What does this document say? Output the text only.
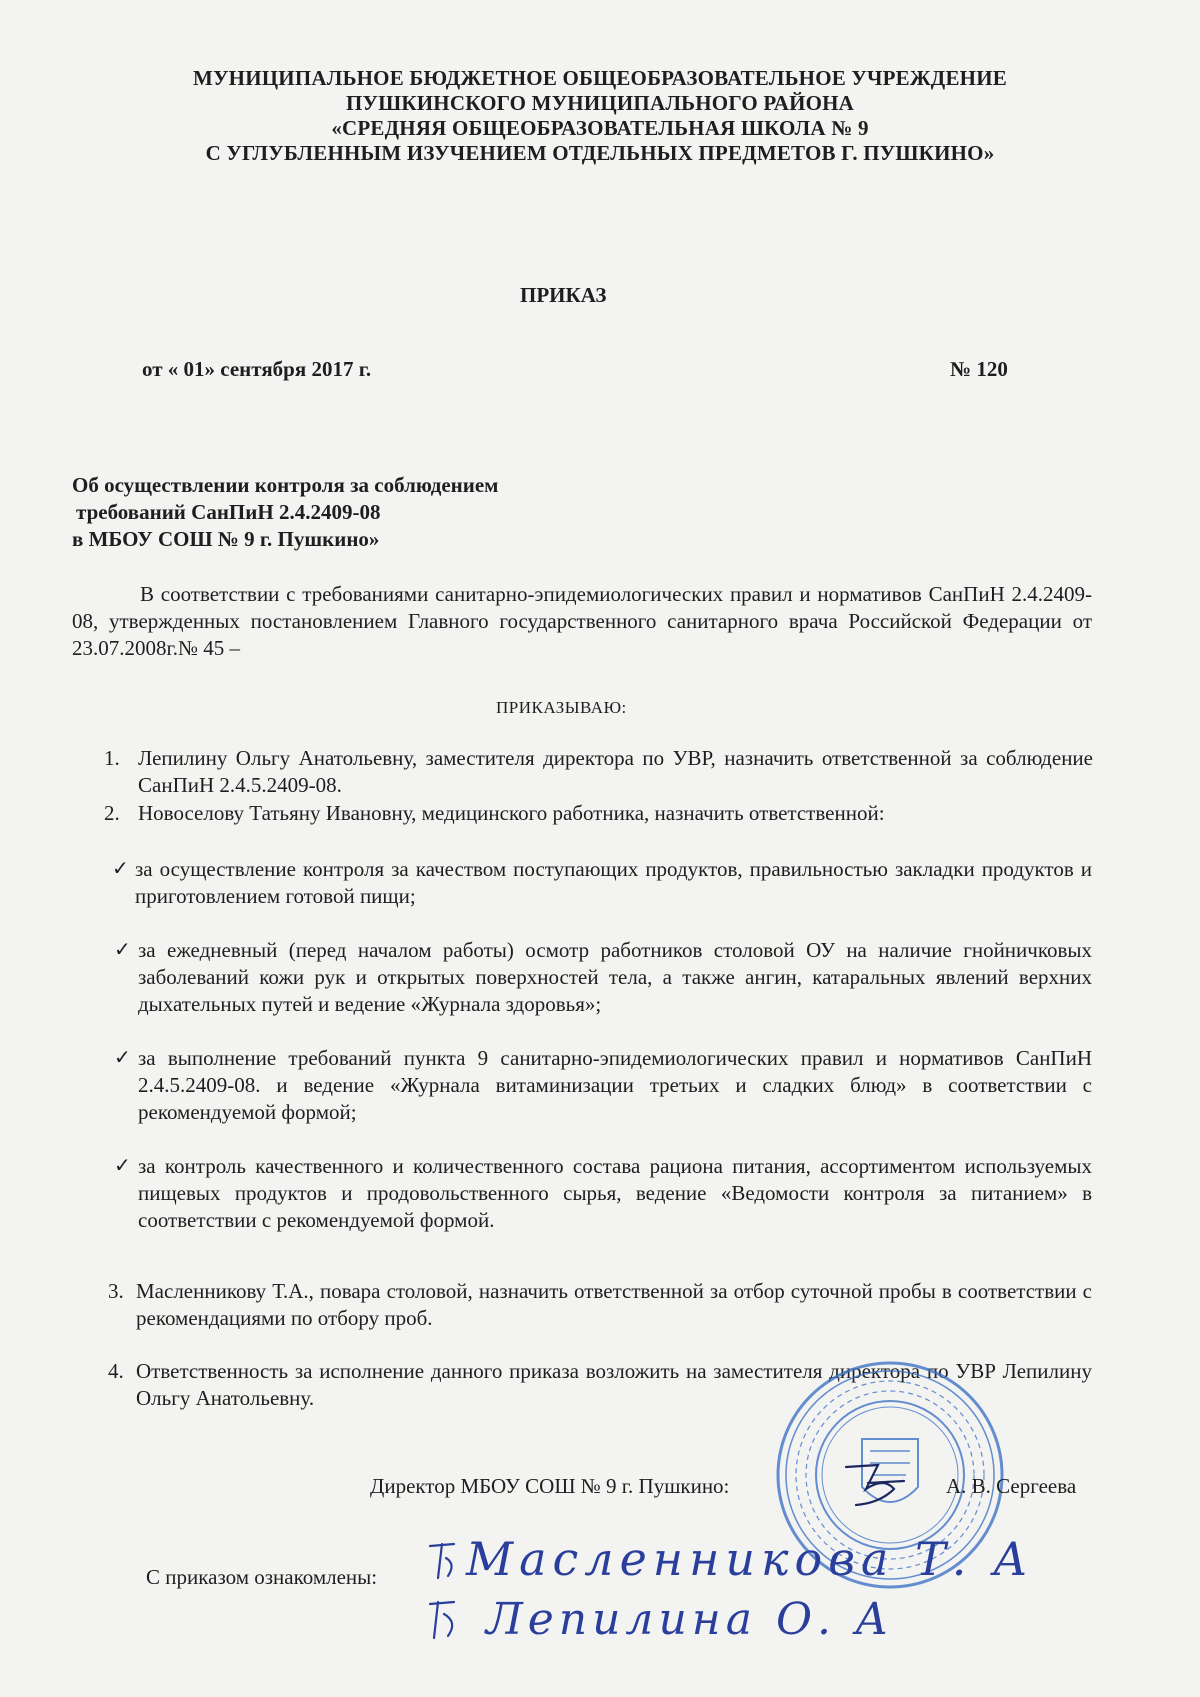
МУНИЦИПАЛЬНОЕ БЮДЖЕТНОЕ ОБЩЕОБРАЗОВАТЕЛЬНОЕ УЧРЕЖДЕНИЕ
ПУШКИНСКОГО МУНИЦИПАЛЬНОГО РАЙОНА
«СРЕДНЯЯ ОБЩЕОБРАЗОВАТЕЛЬНАЯ ШКОЛА № 9
С УГЛУБЛЕННЫМ ИЗУЧЕНИЕМ ОТДЕЛЬНЫХ ПРЕДМЕТОВ Г. ПУШКИНО»
ПРИКАЗ
от « 01» сентября 2017 г.	№ 120
Об осуществлении контроля за соблюдением
требований СанПиН 2.4.2409-08
в МБОУ СОШ № 9 г. Пушкино»
В соответствии с требованиями санитарно-эпидемиологических правил и нормативов СанПиН 2.4.2409-08, утвержденных постановлением Главного государственного санитарного врача Российской Федерации от 23.07.2008г.№ 45 –
ПРИКАЗЫВАЮ:
1. Лепилину Ольгу Анатольевну, заместителя директора по УВР, назначить ответственной за соблюдение СанПиН 2.4.5.2409-08.
2. Новоселову Татьяну Ивановну, медицинского работника, назначить ответственной:
✓ за осуществление контроля за качеством поступающих продуктов, правильностью закладки продуктов и приготовлением готовой пищи;
✓ за ежедневный (перед началом работы) осмотр работников столовой ОУ на наличие гнойничковых заболеваний кожи рук и открытых поверхностей тела, а также ангин, катаральных явлений верхних дыхательных путей и ведение «Журнала здоровья»;
✓ за выполнение требований пункта 9 санитарно-эпидемиологических правил и нормативов СанПиН 2.4.5.2409-08. и ведение «Журнала витаминизации третьих и сладких блюд» в соответствии с рекомендуемой формой;
✓ за контроль качественного и количественного состава рациона питания, ассортиментом используемых пищевых продуктов и продовольственного сырья, ведение «Ведомости контроля за питанием» в соответствии с рекомендуемой формой.
3. Масленникову Т.А., повара столовой, назначить ответственной за отбор суточной пробы в соответствии с рекомендациями по отбору проб.
4. Ответственность за исполнение данного приказа возложить на заместителя директора по УВР Лепилину Ольгу Анатольевну.
Директор МБОУ СОШ № 9 г. Пушкино:	А. В. Сергеева
С приказом ознакомлены: Масленникова Т. А
Лепилина О. А
